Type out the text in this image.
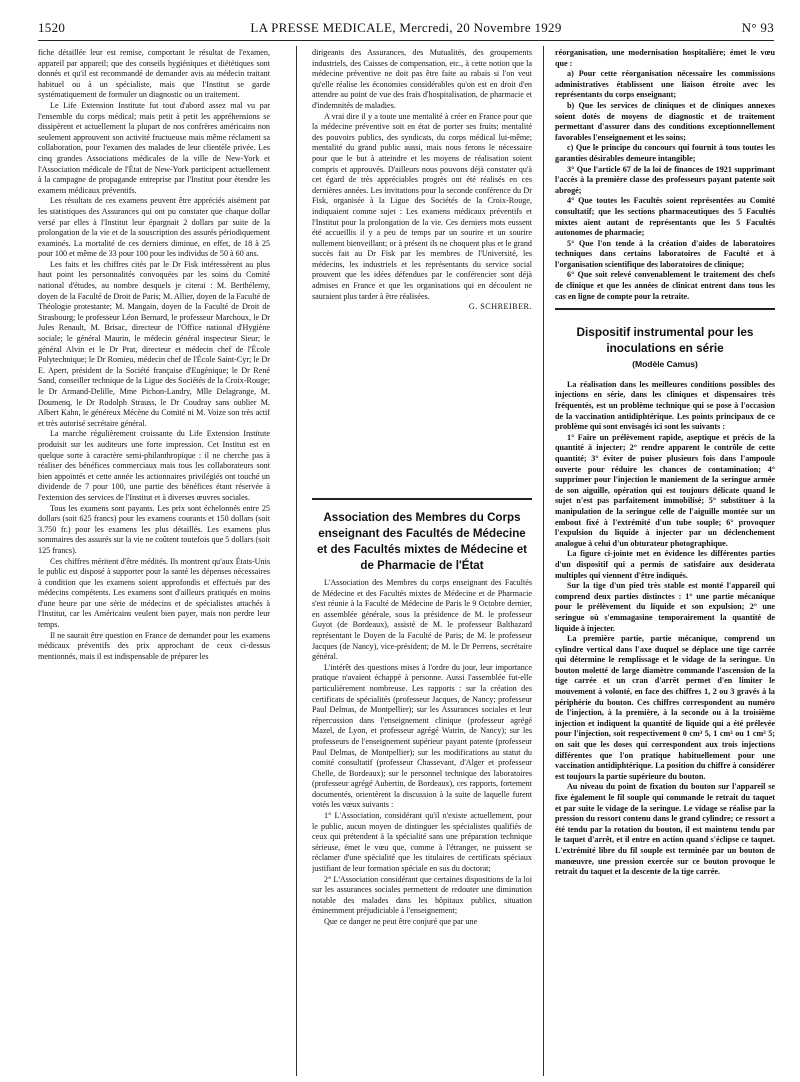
1520	LA PRESSE MEDICALE, Mercredi, 20 Novembre 1929	N° 93

fiche détaillée leur est remise, comportant le résultat de l'examen, appareil par appareil; que des conseils hygiéniques et diététiques sont donnés et qu'il est recommandé de demander avis au médecin traitant habituel ou à un spécialiste, mais que l'Institut se garde systématiquement de formuler un diagnostic ou un traitement.

Le Life Extension Institute fut tout d'abord assez mal vu par l'ensemble du corps médical; mais petit à petit les appréhensions se dissipèrent et actuellement la plupart de nos confrères américains non seulement approuvent son activité fructueuse mais même réclament sa collaboration, pour l'examen des malades de leur clientèle privée. Les cinq grandes Associations médicales de la ville de New-York et l'Association médicale de l'État de New-York participent actuellement à la campagne de propagande entreprise par l'Institut pour étendre les examens médicaux préventifs.

Les résultats de ces examens peuvent être appréciés aisément par les statistiques des Assurances qui ont pu constater que chaque dollar versé par elles à l'Institut leur épargnait 2 dollars par suite de la prolongation de la vie et de la souscription des assurés périodiquement examinés. La mortalité de ces derniers diminue, en effet, de 18 à 25 pour 100 et même de 33 pour 100 pour les individus de 50 à 60 ans.

Les faits et les chiffres cités par le Dr Fisk intéressèrent au plus haut point les personnalités convoquées par les soins du Comité national d'études, au nombre desquels je citerai : M. Berthélemy, doyen de la Faculté de Droit de Paris; M. Allier, doyen de la Faculté de Théologie protestante; M. Mangain, doyen de la Faculté de Droit de Strasbourg; le professeur Léon Bernard, le professeur Marchoux, le Dr Jules Renault, M. Brisac, directeur de l'Office national d'Hygiène sociale; le général Maurin, le médecin général inspecteur Sieur; le général Alvin et le Dr Prat, directeur et médecin chef de l'École Polytechnique; le Dr Romieu, médecin chef de l'École Saint-Cyr; le Dr E. Apert, président de la Société française d'Eugénique; le Dr René Sand, conseiller technique de la Ligue des Sociétés de la Croix-Rouge; le Dr Armand-Delille, Mme Pichon-Landry, Mlle Delagrange, M. Doumenq, le Dr Rodolph Strauss, le Dr Coudray sans oublier M. Albert Kahn, le généreux Mécène du Comité ni M. Voize son très actif et très autorisé secrétaire général.

La marche régulièrement croissante du Life Extension Institute produisit sur les auditeurs une forte impression. Cet Institut est en quelque sorte à caractère semi-philanthropique : il ne cherche pas à réaliser des bénéfices commerciaux mais tous les collaborateurs sont bien appointés et cette année les actionnaires privilégiés ont touché un dividende de 7 pour 100, une partie des bénéfices étant réservée à l'extension des services de l'Institut et à diverses œuvres sociales.

Tous les examens sont payants. Les prix sont échelonnés entre 25 dollars (soit 625 francs) pour les examens courants et 150 dollars (soit 3.750 fr.) pour les examens les plus détaillés. Les examens plus sommaires des assurés sur la vie ne coûtent toutefois que 5 dollars (soit 125 francs).

Ces chiffres méritent d'être médités. Ils montrent qu'aux États-Unis le public est disposé à supporter pour la santé les dépenses nécessaires à condition que les examens soient approfondis et effectués par des médecins compétents. Les examens sont d'ailleurs pratiqués en moins d'une heure par une série de médecins et de spécialistes attachés à l'Institut, car les Américains veulent bien payer, mais non perdre leur temps.

Il ne saurait être question en France de demander pour les examens médicaux préventifs des prix approchant de ceux ci-dessus mentionnés, mais il est indispensable de préparer les

dirigeants des Assurances, des Mutualités, des groupements industriels, des Caisses de compensation, etc., à cette notion que la médecine préventive ne doit pas être faite au rabais si l'on veut qu'elle réalise les économies considérables qu'on est en droit d'en attendre au point de vue des frais d'hospitalisation, de pharmacie et d'indemnités de maladies.

A vrai dire il y a toute une mentalité à créer en France pour que la médecine préventive soit en état de porter ses fruits; mentalité des pouvoirs publics, des syndicats, du corps médical lui-même; mentalité du grand public aussi, mais nous ferons le nécessaire pour que le but à atteindre et les moyens de réalisation soient compris et approuvés. D'ailleurs nous pouvons déjà constater qu'à cet égard de très appréciables progrès ont été réalisés en ces dernières années. Les invitations pour la seconde conférence du Dr Fisk, organisée à la Ligue des Sociétés de la Croix-Rouge, indiquaient comme sujet : Les examens médicaux préventifs et l'Institut pour la prolongation de la vie. Ces derniers mots eussent été accueillis il y a peu de temps par un sourire et un sourire nullement bienveillant; or à présent ils ne choquent plus et le grand succès fait au Dr Fisk par les membres de l'Université, les médecins, les industriels et les représentants du service social prouvent que les idées défendues par le conférencier sont déjà admises en France et que les organisations qui en découlent ne sauraient plus tarder à être réalisées.

G. SCHREIBER.

Association des Membres du Corps enseignant des Facultés de Médecine et des Facultés mixtes de Médecine et de Pharmacie de l'État

L'Association des Membres du corps enseignant des Facultés de Médecine et des Facultés mixtes de Médecine et de Pharmacie s'est réunie à la Faculté de Médecine de Paris le 9 Octobre dernier, en assemblée générale, sous la présidence de M. le professeur Guyot (de Bordeaux), assisté de M. le professeur Balthazard représentant le Doyen de la Faculté de Paris; de M. le professeur Jacques (de Nancy), vice-président; de M. le Dr Perrens, secrétaire général.

L'intérêt des questions mises à l'ordre du jour, leur importance pratique n'avaient échappé à personne. Aussi l'assemblée fut-elle particulièrement nombreuse. Les rapports : sur la création des certificats de spécialités (professeur Jacques, de Nancy; professeur Paul Delmas, de Montpellier); sur les Assurances sociales et leur répercussion dans l'enseignement clinique (professeur agrégé Mazel, de Lyon, et professeur agrégé Watrin, de Nancy); sur les professeurs de l'enseignement supérieur payant patente (professeur Paul Delmas, de Montpellier); sur les modifications au statut du comité consultatif (professeur Chassevant, d'Alger et professeur Chelle, de Bordeaux); sur le personnel technique des laboratoires (professeur agrégé Aubertin, de Bordeaux), ces rapports, fortement documentés, orientèrent la discussion à la suite de laquelle furent votés les vœux suivants :

1° L'Association, considérant qu'il n'existe actuellement, pour le public, aucun moyen de distinguer les spécialistes qualifiés de ceux qui prétendent à la spécialité sans une préparation technique sérieuse, émet le vœu que, comme à l'étranger, ne puissent se réclamer d'une spécialité que les titulaires de certificats spéciaux justifiant de leur formation spéciale en sus du doctorat;

2° L'Association considérant que certaines dispositions de la loi sur les assurances sociales permettent de redouter une diminution notable des malades dans les hôpitaux publics, situation éminemment préjudiciable à l'enseignement;

Que ce danger ne peut être conjuré que par une

réorganisation, une modernisation hospitalière; émet le vœu que :

a) Pour cette réorganisation nécessaire les commissions administratives établissent une liaison étroite avec les représentants du corps enseignant;

b) Que les services de cliniques et de cliniques annexes soient dotés de moyens de diagnostic et de traitement permettant d'assurer dans des conditions exceptionnellement favorables l'enseignement et les soins;

c) Que le principe du concours qui fournit à tous toutes les garanties désirables demeure intangible;

3° Que l'article 67 de la loi de finances de 1921 supprimant l'accès à la première classe des professeurs payant patente soit abrogé;

4° Que toutes les Facultés soient représentées au Comité consultatif; que les sections pharmaceutiques des 5 Facultés mixtes aient autant de représentants que les 5 Facultés autonomes de pharmacie;

5° Que l'on tende à la création d'aides de laboratoires techniques dans certains laboratoires de Faculté et à l'organisation scientifique des laboratoires de clinique;

6° Que soit relevé convenablement le traitement des chefs de clinique et que les années de clinicat entrent dans tous les cas en ligne de compte pour la retraite.

Dispositif instrumental pour les inoculations en série
(Modèle Camus)

La réalisation dans les meilleures conditions possibles des injections en série, dans les cliniques et dispensaires très fréquentés, est un problème technique qui se pose à l'occasion de la vaccination antidiphtérique. Les points principaux de ce problème qui sont envisagés ici sont les suivants :

1° Faire un prélèvement rapide, aseptique et précis de la quantité à injecter; 2° rendre apparent le contrôle de cette quantité; 3° éviter de puiser plusieurs fois dans l'ampoule ouverte pour réduire les chances de contamination; 4° supprimer pour l'injection le maniement de la seringue armée de son aiguille, opération qui est toujours délicate quand le sujet n'est pas parfaitement immobilisé; 5° substituer à la manipulation de la seringue celle de l'aiguille montée sur un embout fixé à l'extrémité d'un tube souple; 6° provoquer l'expulsion du liquide à injecter par un déclenchement analogue à celui d'un obturateur photographique.

La figure ci-jointe met en évidence les différentes parties d'un dispositif qui a permis de satisfaire aux desiderata multiples qui viennent d'être indiqués.

Sur la tige d'un pied très stable est monté l'appareil qui comprend deux parties distinctes : 1° une partie mécanique pour le prélèvement du liquide et son expulsion; 2° une seringue où s'emmagasine temporairement la quantité de liquide à injecter.

La première partie, partie mécanique, comprend un cylindre vertical dans l'axe duquel se déplace une tige carrée qui détermine le remplissage et le vidage de la seringue. Un bouton moletté de large diamètre commande l'ascension de la tige carrée et un cran d'arrêt permet d'en limiter le mouvement à volonté, en face des chiffres 1, 2 ou 3 gravés à la périphérie du bouton. Ces chiffres correspondent au numéro de l'injection, à la première, à la seconde ou à la troisième injection et indiquent la quantité de liquide qui a été prélevée pour l'injection, soit respectivement 0 cm³ 5, 1 cm³ ou 1 cm³ 5; on sait que les doses qui correspondent aux trois injections différentes que l'on pratique habituellement pour une vaccination antidiphtérique. La position du chiffre à considérer est toujours la partie supérieure du bouton.

Au niveau du point de fixation du bouton sur l'appareil se fixe également le fil souple qui commande le retrait du taquet et par suite le vidage de la seringue. Le vidage se réalise par la pression du ressort contenu dans le grand cylindre; ce ressort a été tendu par la rotation du bouton, il est maintenu tendu par le taquet d'arrêt, et il entre en action quand s'éclipse ce taquet. L'extrémité libre du fil souple est terminée par un bouton de manœuvre, une pression exercée sur ce bouton provoque le retrait du taquet et la descente de la tige carrée.
